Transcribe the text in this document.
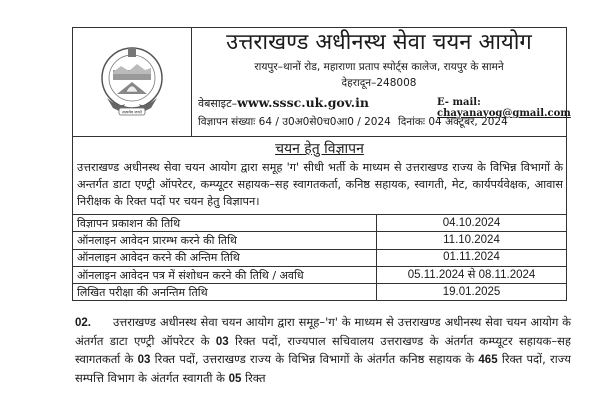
सत्यमेव जयते
उत्तराखण्ड अधीनस्थ सेवा चयन आयोग
रायपुर–थानों रोड, महाराणा प्रताप स्पोर्ट्स कालेज, रायपुर के सामने
देहरादून–248008
वेबसाइट–www.sssc.uk.gov.in	E- mail: chayanayog@gmail.com
विज्ञापन संख्याः 64 / उ0अ0से0च0आ0 / 2024 दिनांकः 04 अक्टूबर, 2024
चयन हेतु विज्ञापन
उत्तराखण्ड अधीनस्थ सेवा चयन आयोग द्वारा समूह 'ग' सीधी भर्ती के माध्यम से उत्तराखण्ड राज्य के विभिन्न विभागों के अन्तर्गत डाटा एण्ट्री ऑपरेटर, कम्प्यूटर सहायक–सह स्वागतकर्ता, कनिष्ठ सहायक, स्वागती, मेट, कार्यपर्यवेक्षक, आवास निरीक्षक के रिक्त पदों पर चयन हेतु विज्ञापन।
विज्ञापन प्रकाशन की तिथि	04.10.2024
ऑनलाइन आवेदन प्रारम्भ करने की तिथि	11.10.2024
ऑनलाइन आवेदन करने की अन्तिम तिथि	01.11.2024
ऑनलाइन आवेदन पत्र में संशोधन करने की तिथि / अवधि	05.11.2024 से 08.11.2024
लिखित परीक्षा की अनन्तिम तिथि	19.01.2025
02. उत्तराखण्ड अधीनस्थ सेवा चयन आयोग द्वारा समूह–'ग' के माध्यम से उत्तराखण्ड अधीनस्थ सेवा चयन आयोग के अंतर्गत डाटा एण्ट्री ऑपरेटर के 03 रिक्त पदों, राज्यपाल सचिवालय उत्तराखण्ड के अंतर्गत कम्प्यूटर सहायक–सह स्वागतकर्ता के 03 रिक्त पदों, उत्तराखण्ड राज्य के विभिन्न विभागों के अंतर्गत कनिष्ठ सहायक के 465 रिक्त पदों, राज्य सम्पत्ति विभाग के अंतर्गत स्वागती के 05 रिक्त
